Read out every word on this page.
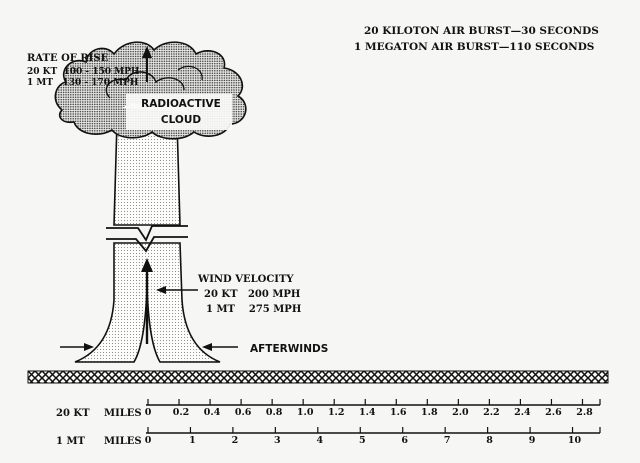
20 KILOTON AIR BURST—30 SECONDS
1 MEGATON AIR BURST—110 SECONDS
RADIOACTIVE
CLOUD
RATE OF RISE
20 KT  100 - 150 MPH
1 MT   130 - 170 MPH
WIND VELOCITY
20 KT   200 MPH
1 MT    275 MPH
AFTERWINDS
20 KT MILES 0 0.2 0.4 0.6 0.8 1.0 1.2 1.4 1.6 1.8 2.0 2.2 2.4 2.6 2.8
1 MT MILES 0	1	2	3	4	5	6	7	8	9	10
